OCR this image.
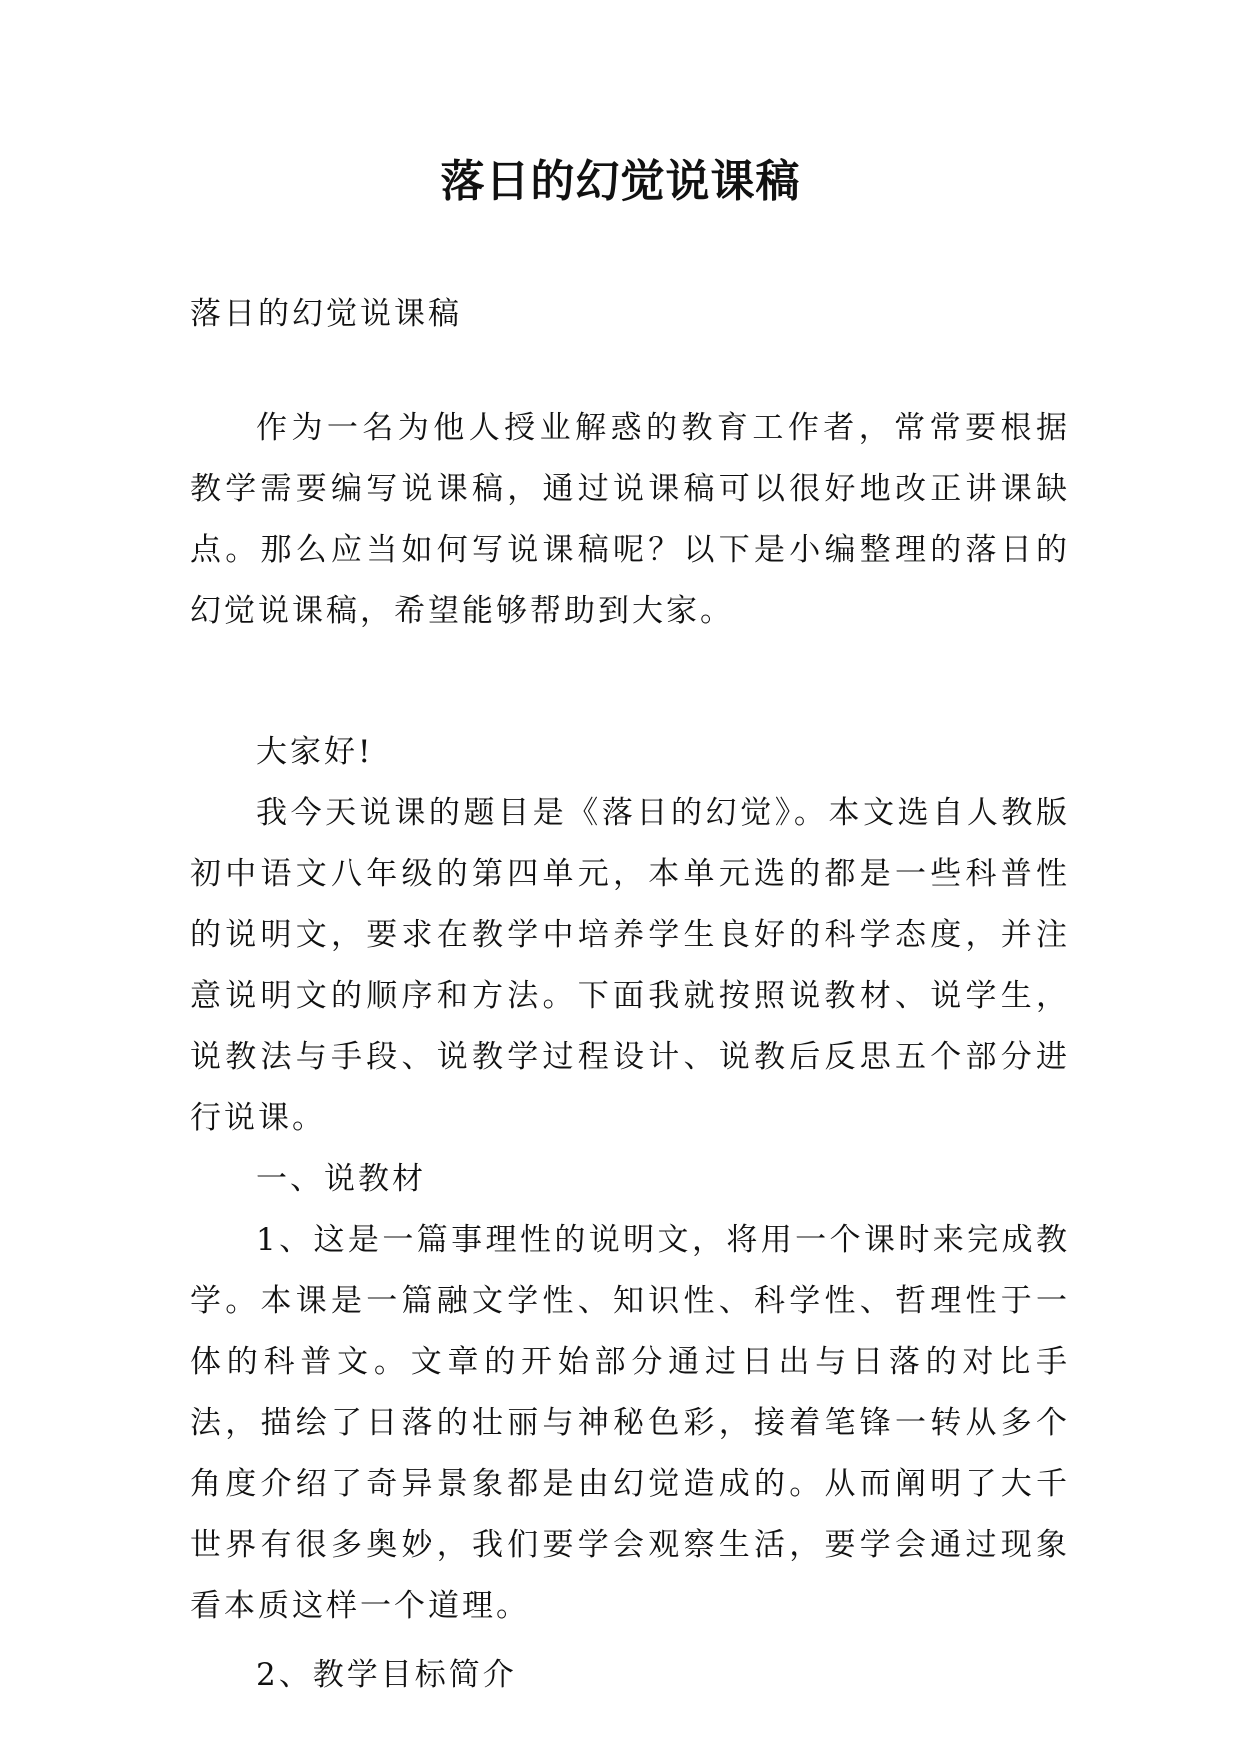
落日的幻觉说课稿

落日的幻觉说课稿

作为一名为他人授业解惑的教育工作者，常常要根据教学需要编写说课稿，通过说课稿可以很好地改正讲课缺点。那么应当如何写说课稿呢？以下是小编整理的落日的幻觉说课稿，希望能够帮助到大家。

大家好!

我今天说课的题目是《落日的幻觉》。本文选自人教版初中语文八年级的第四单元，本单元选的都是一些科普性的说明文，要求在教学中培养学生良好的科学态度，并注意说明文的顺序和方法。下面我就按照说教材、说学生，说教法与手段、说教学过程设计、说教后反思五个部分进行说课。

一、说教材

1、这是一篇事理性的说明文，将用一个课时来完成教学。本课是一篇融文学性、知识性、科学性、哲理性于一体的科普文。文章的开始部分通过日出与日落的对比手法，描绘了日落的壮丽与神秘色彩，接着笔锋一转从多个角度介绍了奇异景象都是由幻觉造成的。从而阐明了大千世界有很多奥妙，我们要学会观察生活，要学会通过现象看本质这样一个道理。

2、教学目标简介
